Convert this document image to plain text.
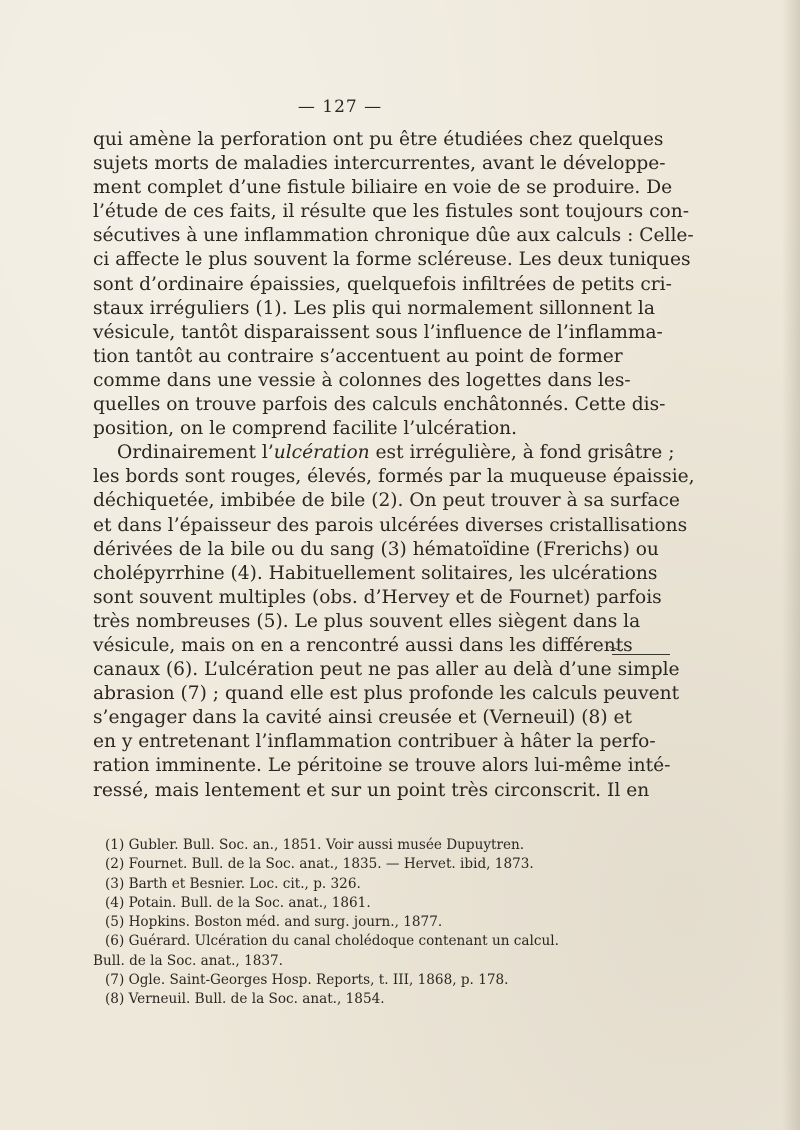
— 127 —
qui amène la perforation ont pu être étudiées chez quelques
sujets morts de maladies intercurrentes, avant le développe-
ment complet d’une fistule biliaire en voie de se produire. De
l’étude de ces faits, il résulte que les fistules sont toujours con-
sécutives à une inflammation chronique dûe aux calculs : Celle-
ci affecte le plus souvent la forme scléreuse. Les deux tuniques
sont d’ordinaire épaissies, quelquefois infiltrées de petits cri-
staux irréguliers (1). Les plis qui normalement sillonnent la
vésicule, tantôt disparaissent sous l’influence de l’inflamma-
tion tantôt au contraire s’accentuent au point de former
comme dans une vessie à colonnes des logettes dans les-
quelles on trouve parfois des calculs enchâtonnés. Cette dis-
position, on le comprend facilite l’ulcération.
Ordinairement l’ulcération est irrégulière, à fond grisâtre ;
les bords sont rouges, élevés, formés par la muqueuse épaissie,
déchiquetée, imbibée de bile (2). On peut trouver à sa surface
et dans l’épaisseur des parois ulcérées diverses cristallisations
dérivées de la bile ou du sang (3) hématoïdine (Frerichs) ou
cholépyrrhine (4). Habituellement solitaires, les ulcérations
sont souvent multiples (obs. d’Hervey et de Fournet) parfois
très nombreuses (5). Le plus souvent elles siègent dans la
vésicule, mais on en a rencontré aussi dans les différents
canaux (6). L’ulcération peut ne pas aller au delà d’une simple
abrasion (7) ; quand elle est plus profonde les calculs peuvent
s’engager dans la cavité ainsi creusée et (Verneuil) (8) et
en y entretenant l’inflammation contribuer à hâter la perfo-
ration imminente. Le péritoine se trouve alors lui-même inté-
ressé, mais lentement et sur un point très circonscrit. Il en
(1) Gubler. Bull. Soc. an., 1851. Voir aussi musée Dupuytren.
(2) Fournet. Bull. de la Soc. anat., 1835. — Hervet. ibid, 1873.
(3) Barth et Besnier. Loc. cit., p. 326.
(4) Potain. Bull. de la Soc. anat., 1861.
(5) Hopkins. Boston méd. and surg. journ., 1877.
(6) Guérard. Ulcération du canal cholédoque contenant un calcul.
Bull. de la Soc. anat., 1837.
(7) Ogle. Saint-Georges Hosp. Reports, t. III, 1868, p. 178.
(8) Verneuil. Bull. de la Soc. anat., 1854.
